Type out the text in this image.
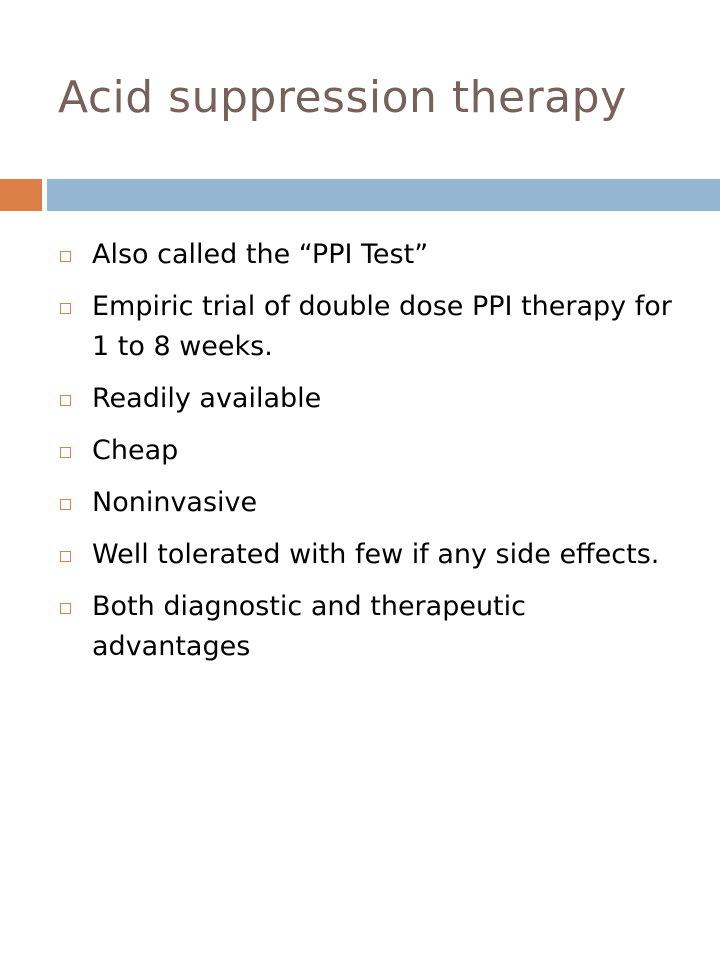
Acid suppression therapy
Also called the “PPI Test”
Empiric trial of double dose PPI therapy for 1 to 8 weeks.
Readily available
Cheap
Noninvasive
Well tolerated with few if any side effects.
Both diagnostic and therapeutic advantages
